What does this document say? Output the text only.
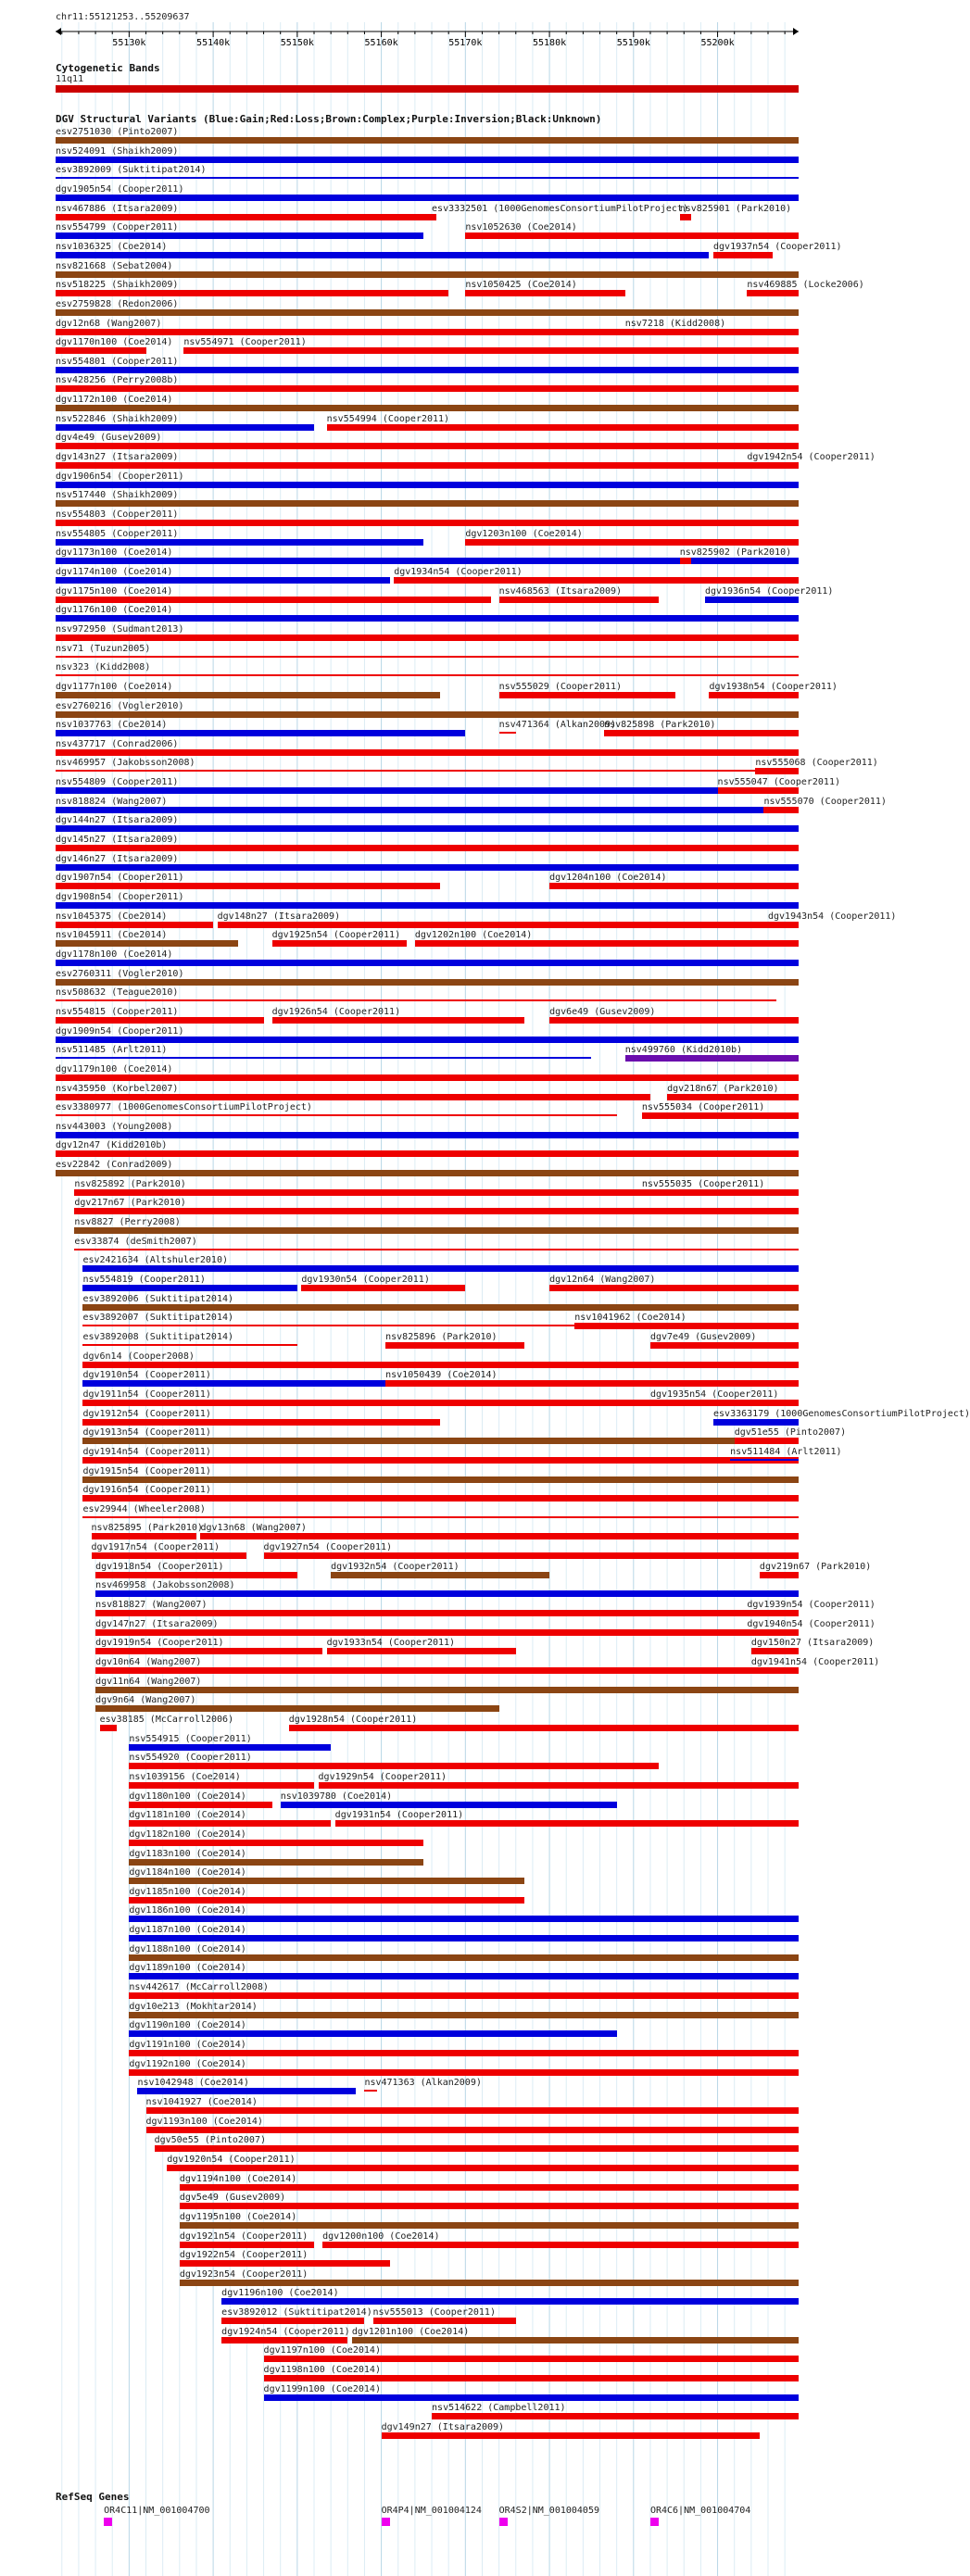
chr11:55121253..55209637
55130k	55140k	55150k	55160k	55170k	55180k	55190k	55200k
Cytogenetic Bands
11q11
DGV Structural Variants (Blue:Gain;Red:Loss;Brown:Complex;Purple:Inversion;Black:Unknown)
esv2751030 (Pinto2007)
nsv524091 (Shaikh2009)
esv3892009 (Suktitipat2014)
dgv1905n54 (Cooper2011)
nsv467886 (Itsara2009)	esv3332501 (1000GenomesConsortiumPilotProject)
nsv825901 (Park2010)
nsv554799 (Cooper2011)	nsv1052630 (Coe2014)
nsv1036325 (Coe2014)	dgv1937n54 (Cooper2011)
nsv821668 (Sebat2004)
nsv518225 (Shaikh2009)	nsv1050425 (Coe2014)	nsv469885 (Locke2006)
esv2759828 (Redon2006)
dgv12n68 (Wang2007)	nsv7218 (Kidd2008)
dgv1170n100 (Coe2014) nsv554971 (Cooper2011)
nsv554801 (Cooper2011)
nsv428256 (Perry2008b)
dgv1172n100 (Coe2014)
nsv522846 (Shaikh2009)	nsv554994 (Cooper2011)
dgv4e49 (Gusev2009)
dgv143n27 (Itsara2009)	dgv1942n54 (Cooper2011)
dgv1906n54 (Cooper2011)
nsv517440 (Shaikh2009)
nsv554803 (Cooper2011)
nsv554805 (Cooper2011)	dgv1203n100 (Coe2014)
dgv1173n100 (Coe2014)	nsv825902 (Park2010)
dgv1174n100 (Coe2014)	dgv1934n54 (Cooper2011)
dgv1175n100 (Coe2014)	nsv468563 (Itsara2009)	dgv1936n54 (Cooper2011)
dgv1176n100 (Coe2014)
nsv972950 (Sudmant2013)
nsv71 (Tuzun2005)
nsv323 (Kidd2008)
dgv1177n100 (Coe2014)	nsv555029 (Cooper2011)	dgv1938n54 (Cooper2011)
esv2760216 (Vogler2010)
nsv1037763 (Coe2014)	nsv471364 (Alkan2009)
nsv825898 (Park2010)
nsv437717 (Conrad2006)
nsv469957 (Jakobsson2008)	nsv555068 (Cooper2011)
nsv554809 (Cooper2011)	nsv555047 (Cooper2011)
nsv818824 (Wang2007)	nsv555070 (Cooper2011)
dgv144n27 (Itsara2009)
dgv145n27 (Itsara2009)
dgv146n27 (Itsara2009)
dgv1907n54 (Cooper2011)	dgv1204n100 (Coe2014)
dgv1908n54 (Cooper2011)
nsv1045375 (Coe2014)	dgv148n27 (Itsara2009)	dgv1943n54 (Cooper2011)
nsv1045911 (Coe2014)	dgv1925n54 (Cooper2011) dgv1202n100 (Coe2014)
dgv1178n100 (Coe2014)
esv2760311 (Vogler2010)
nsv508632 (Teague2010)
nsv554815 (Cooper2011)	dgv1926n54 (Cooper2011)	dgv6e49 (Gusev2009)
dgv1909n54 (Cooper2011)
nsv511485 (Arlt2011)	nsv499760 (Kidd2010b)
dgv1179n100 (Coe2014)
nsv435950 (Korbel2007)	dgv218n67 (Park2010)
esv3380977 (1000GenomesConsortiumPilotProject)	nsv555034 (Cooper2011)
nsv443003 (Young2008)
dgv12n47 (Kidd2010b)
esv22842 (Conrad2009)
nsv825892 (Park2010)	nsv555035 (Cooper2011)
dgv217n67 (Park2010)
nsv8827 (Perry2008)
esv33874 (deSmith2007)
esv2421634 (Altshuler2010)
nsv554819 (Cooper2011)	dgv1930n54 (Cooper2011)	dgv12n64 (Wang2007)
esv3892006 (Suktitipat2014)
esv3892007 (Suktitipat2014)	nsv1041962 (Coe2014)
esv3892008 (Suktitipat2014)	nsv825896 (Park2010)	dgv7e49 (Gusev2009)
dgv6n14 (Cooper2008)
dgv1910n54 (Cooper2011)	nsv1050439 (Coe2014)
dgv1911n54 (Cooper2011)	dgv1935n54 (Cooper2011)
dgv1912n54 (Cooper2011)	esv3363179 (1000GenomesConsortiumPilotProject)
dgv1913n54 (Cooper2011)	dgv51e55 (Pinto2007)
dgv1914n54 (Cooper2011)	nsv511484 (Arlt2011)
dgv1915n54 (Cooper2011)
dgv1916n54 (Cooper2011)
esv29944 (Wheeler2008)
nsv825895 (Park2010)
dgv13n68 (Wang2007)
dgv1917n54 (Cooper2011)	dgv1927n54 (Cooper2011)
dgv1918n54 (Cooper2011)	dgv1932n54 (Cooper2011)	dgv219n67 (Park2010)
nsv469958 (Jakobsson2008)
nsv818827 (Wang2007)	dgv1939n54 (Cooper2011)
dgv147n27 (Itsara2009)	dgv1940n54 (Cooper2011)
dgv1919n54 (Cooper2011)	dgv1933n54 (Cooper2011)	dgv150n27 (Itsara2009)
dgv10n64 (Wang2007)	dgv1941n54 (Cooper2011)
dgv11n64 (Wang2007)
dgv9n64 (Wang2007)
esv38185 (McCarroll2006)	dgv1928n54 (Cooper2011)
nsv554915 (Cooper2011)
nsv554920 (Cooper2011)
nsv1039156 (Coe2014)	dgv1929n54 (Cooper2011)
dgv1180n100 (Coe2014)	nsv1039780 (Coe2014)
dgv1181n100 (Coe2014)	dgv1931n54 (Cooper2011)
dgv1182n100 (Coe2014)
dgv1183n100 (Coe2014)
dgv1184n100 (Coe2014)
dgv1185n100 (Coe2014)
dgv1186n100 (Coe2014)
dgv1187n100 (Coe2014)
dgv1188n100 (Coe2014)
dgv1189n100 (Coe2014)
nsv442617 (McCarroll2008)
dgv10e213 (Mokhtar2014)
dgv1190n100 (Coe2014)
dgv1191n100 (Coe2014)
dgv1192n100 (Coe2014)
nsv1042948 (Coe2014)	nsv471363 (Alkan2009)
nsv1041927 (Coe2014)
dgv1193n100 (Coe2014)
dgv50e55 (Pinto2007)
dgv1920n54 (Cooper2011)
dgv1194n100 (Coe2014)
dgv5e49 (Gusev2009)
dgv1195n100 (Coe2014)
dgv1921n54 (Cooper2011) dgv1200n100 (Coe2014)
dgv1922n54 (Cooper2011)
dgv1923n54 (Cooper2011)
dgv1196n100 (Coe2014)
esv3892012 (Suktitipat2014) nsv555013 (Cooper2011)
dgv1924n54 (Cooper2011) dgv1201n100 (Coe2014)
dgv1197n100 (Coe2014)
dgv1198n100 (Coe2014)
dgv1199n100 (Coe2014)
nsv514622 (Campbell2011)
dgv149n27 (Itsara2009)
OR4C11|NM_001004700	OR4P4|NM_001004124 OR4S2|NM_001004059	OR4C6|NM_001004704
RefSeq Genes
